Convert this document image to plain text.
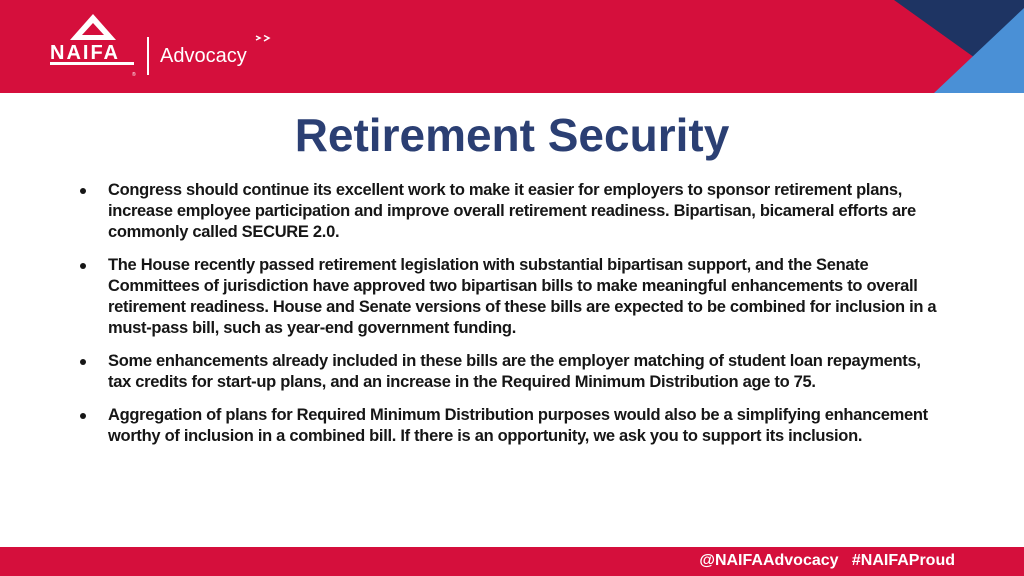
®
NAIFA Advocacy
Retirement Security
Congress should continue its excellent work to make it easier for employers to sponsor retirement plans, increase employee participation and improve overall retirement readiness. Bipartisan, bicameral efforts are commonly called SECURE 2.0.
The House recently passed retirement legislation with substantial bipartisan support, and the Senate Committees of jurisdiction have approved two bipartisan bills to make meaningful enhancements to overall retirement readiness. House and Senate versions of these bills are expected to be combined for inclusion in a must-pass bill, such as year-end government funding.
Some enhancements already included in these bills are the employer matching of student loan repayments, tax credits for start-up plans, and an increase in the Required Minimum Distribution age to 75.
Aggregation of plans for Required Minimum Distribution purposes would also be a simplifying enhancement worthy of inclusion in a combined bill. If there is an opportunity, we ask you to support its inclusion.
@NAIFAAdvocacy   #NAIFAProud
